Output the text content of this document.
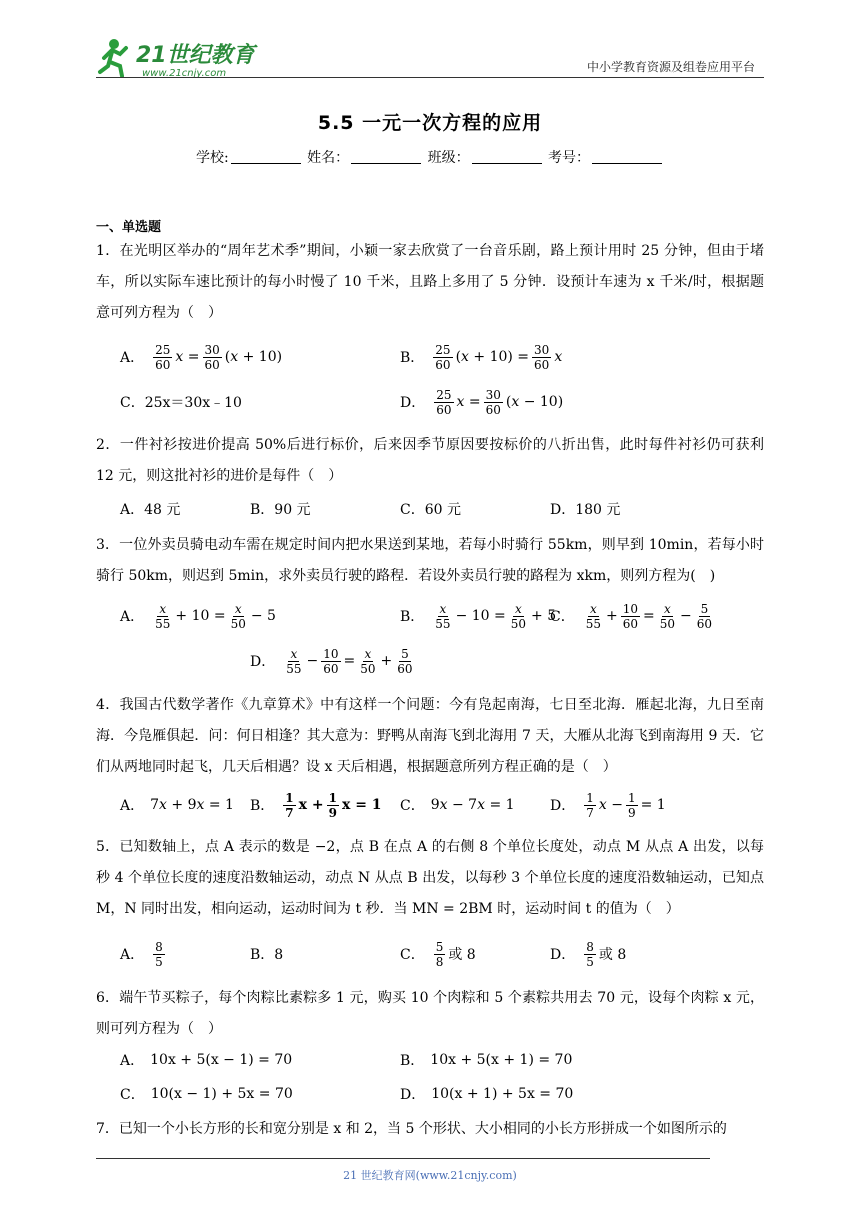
21世纪教育
www.21cnjy.com	中小学教育资源及组卷应用平台
5.5 一元一次方程的应用
学校:	姓名：	班级：	考号：
一、单选题
1．在光明区举办的“周年艺术季”期间，小颖一家去欣赏了一台音乐剧，路上预计用时 25 分钟，但由于堵车，所以实际车速比预计的每小时慢了 10 千米，且路上多用了 5 分钟．设预计车速为 x 千米/时，根据题意可列方程为（　）
A．
25
60 x = 30
60 ( x + 10)	B．
25
60 ( x + 10) = 30
60 x
C．25x＝30x﹣10	D．
25
60 x = 30
60 ( x − 10)
2．一件衬衫按进价提高 50%后进行标价，后来因季节原因要按标价的八折出售，此时每件衬衫仍可获利 12 元，则这批衬衫的进价是每件（　）
A．48 元	B．90 元	C．60 元	D．180 元
3．一位外卖员骑电动车需在规定时间内把水果送到某地，若每小时骑行 55km，则早到 10min，若每小时骑行 50km，则迟到 5min，求外卖员行驶的路程．若设外卖员行驶的路程为 xkm，则列方程为(　)
A．
x
55 + 10 = x
50 − 5	B．
x
55 − 10 = x
50 + 5
C．
x
55 + 10
60 = x
50 − 5
60
D．
x
55 − 10
60 = x
50 + 5
60
4．我国古代数学著作《九章算术》中有这样一个问题：今有凫起南海，七日至北海．雁起北海，九日至南海．今凫雁俱起．问：何日相逢？其大意为：野鸭从南海飞到北海用 7 天，大雁从北海飞到南海用 9 天．它们从两地同时起飞，几天后相遇？设 x 天后相遇，根据题意所列方程正确的是（　）
A． 7 x + 9 x = 1 B．
1
7 x + 1
9 x = 1 C． 9 x − 7 x = 1	D．
1
7 x − 1
9 = 1
5．已知数轴上，点 A 表示的数是 −2，点 B 在点 A 的右侧 8 个单位长度处，动点 M 从点 A 出发，以每秒 4 个单位长度的速度沿数轴运动，动点 N 从点 B 出发，以每秒 3 个单位长度的速度沿数轴运动，已知点 M，N 同时出发，相向运动，运动时间为 t 秒．当 MN = 2BM 时，运动时间 t 的值为（　）
A．
8
5	B．8	C．
5
8 或 8	D．
8
5 或 8
6．端午节买粽子，每个肉粽比素粽多 1 元，购买 10 个肉粽和 5 个素粽共用去 70 元，设每个肉粽 x 元，则可列方程为（　）
A． 10x + 5(x − 1) = 70	B． 10x + 5(x + 1) = 70
C． 10(x − 1) + 5x = 70	D． 10(x + 1) + 5x = 70
7．已知一个小长方形的长和宽分别是 x 和 2，当 5 个形状、大小相同的小长方形拼成一个如图所示的
21 世纪教育网(www.21cnjy.com)
